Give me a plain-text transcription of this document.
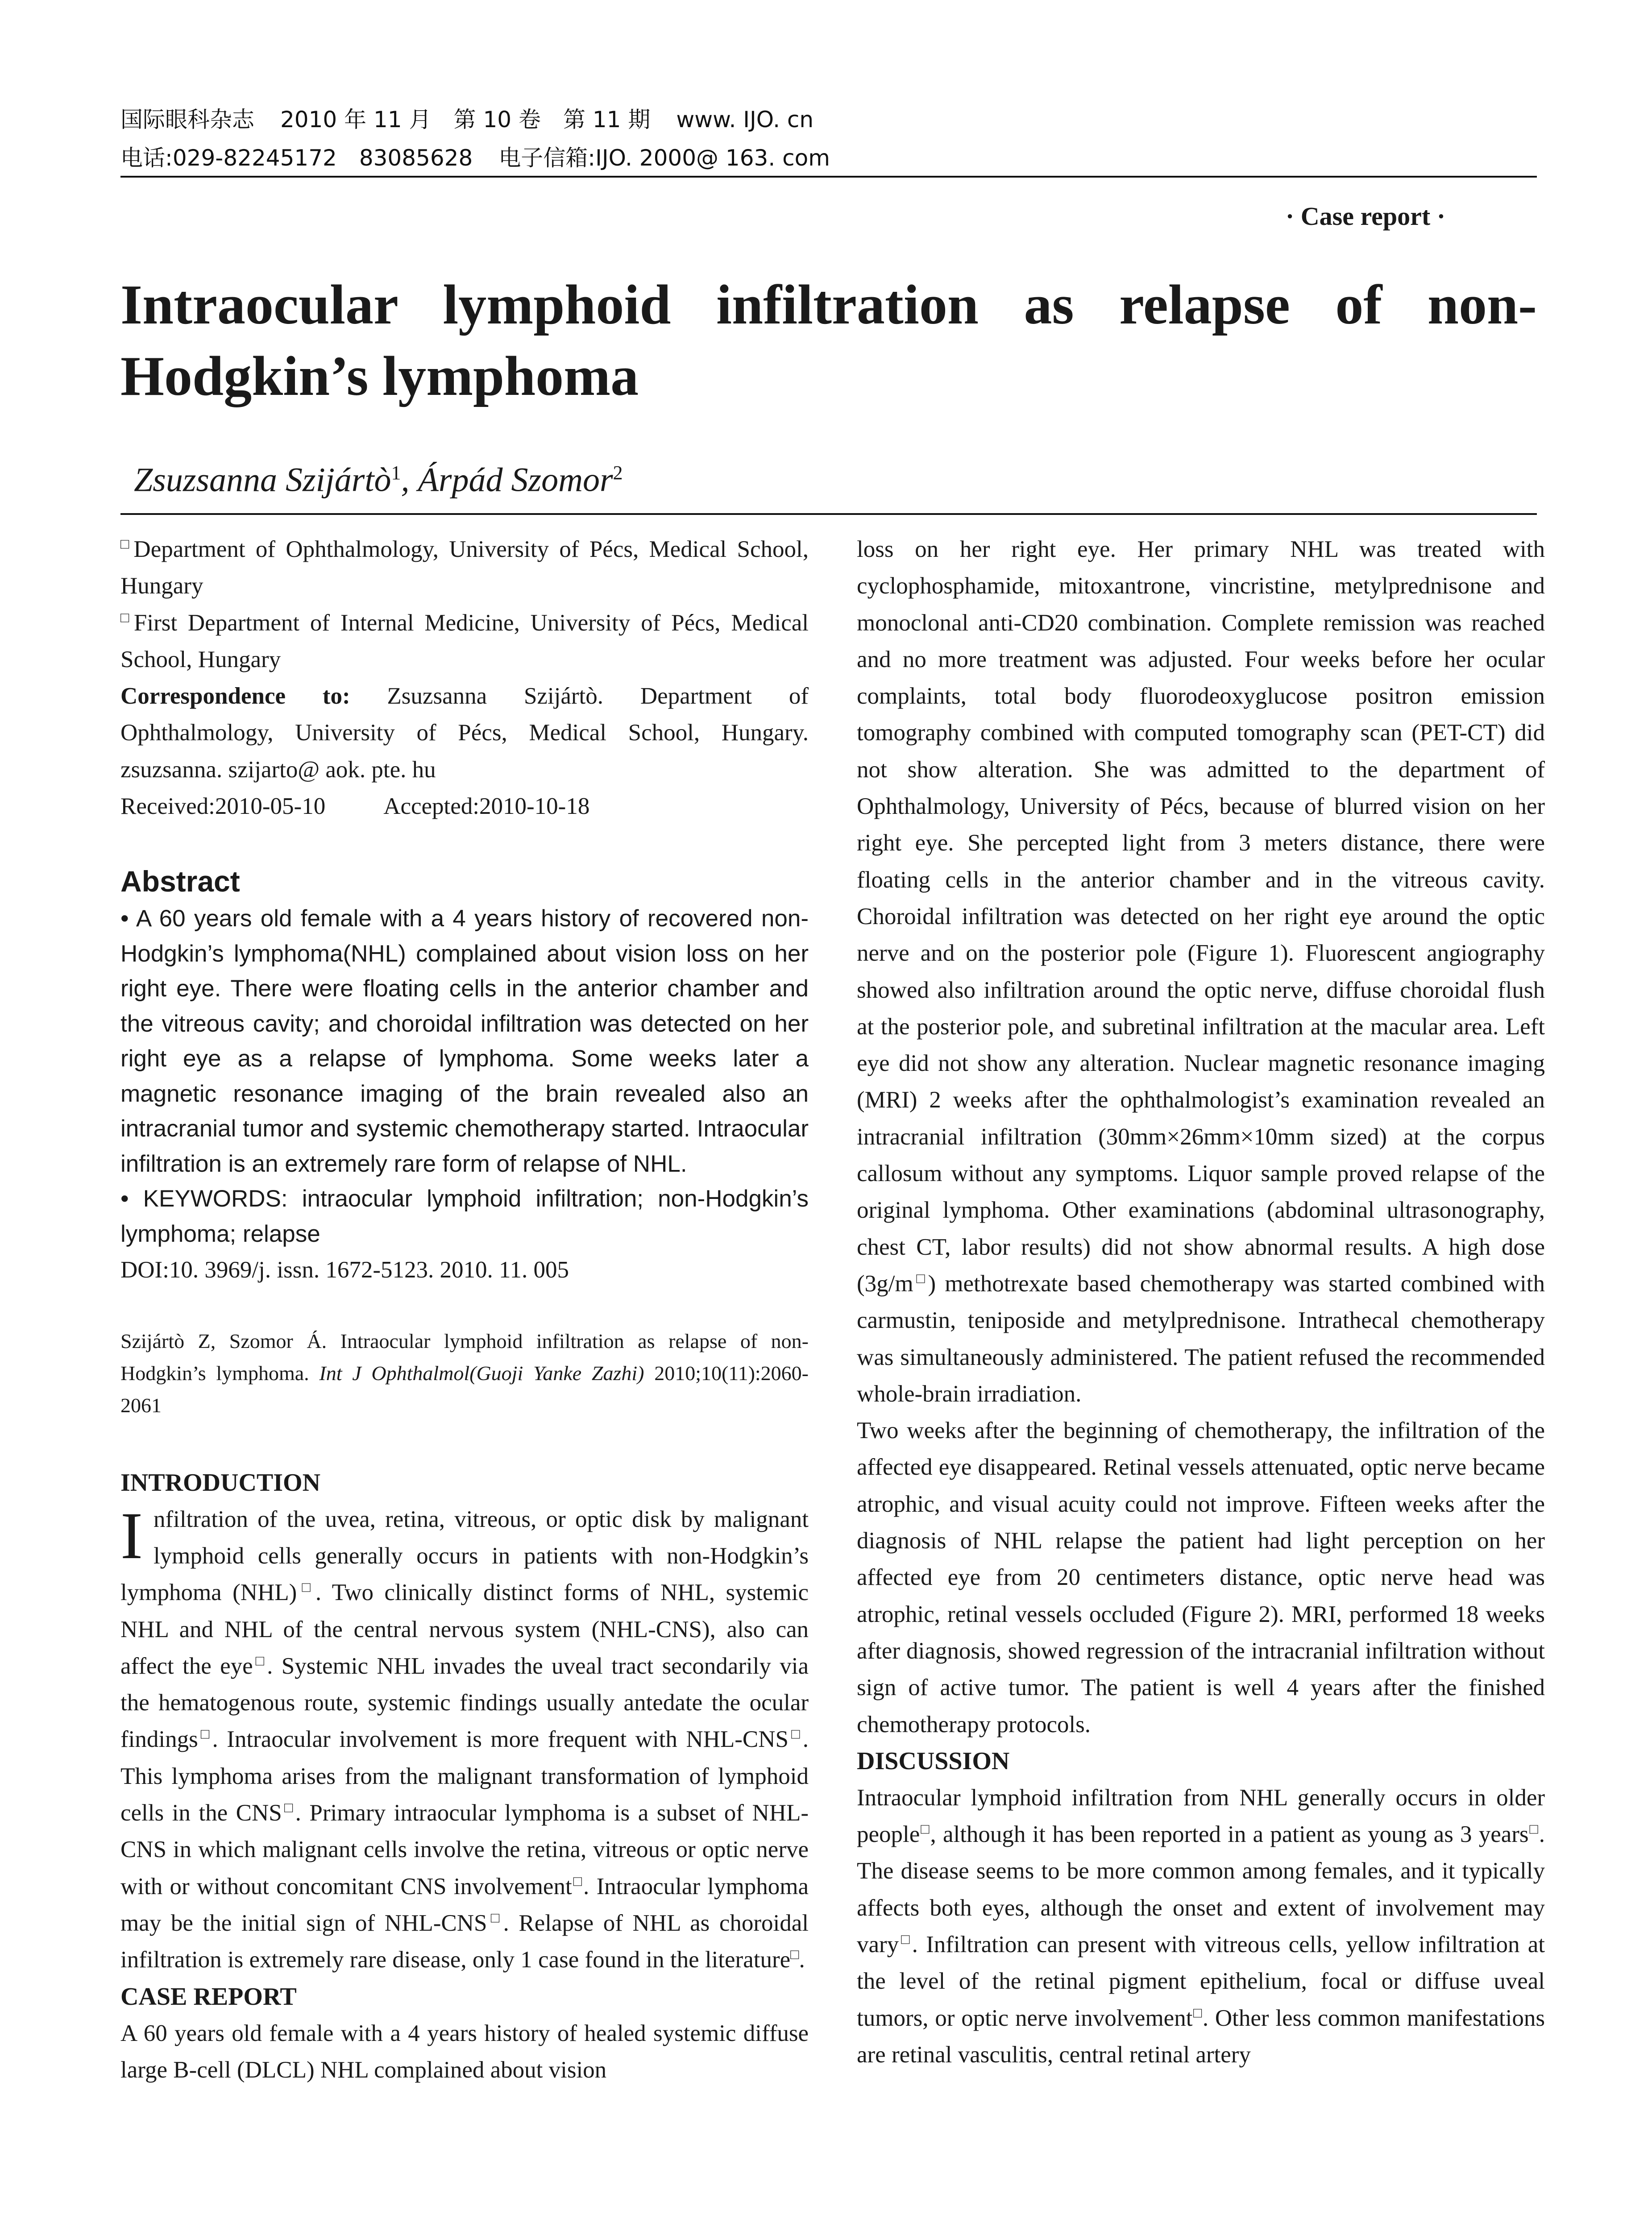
国际眼科杂志 2010 年 11 月　第 10 卷　第 11 期 www. IJO. cn
电话:029-82245172　83085628 电子信箱:IJO. 2000@ 163. com
· Case report ·
Intraocular lymphoid infiltration as relapse of non-Hodgkin’s lymphoma
Zsuzsanna Szijártò$^1$, Árpád Szomor$^2$

□Department of Ophthalmology, University of Pécs, Medical School, Hungary

□First Department of Internal Medicine, University of Pécs, Medical School, Hungary

Correspondence to: Zsuzsanna Szijártò. Department of Ophthalmology, University of Pécs, Medical School, Hungary. zsuzsanna. szijarto@ aok. pte. hu

Received:2010-05-10 Accepted:2010-10-18

Abstract

• A 60 years old female with a 4 years history of recovered non-Hodgkin’s lymphoma(NHL) complained about vision loss on her right eye. There were floating cells in the anterior chamber and the vitreous cavity; and choroidal infiltration was detected on her right eye as a relapse of lymphoma. Some weeks later a magnetic resonance imaging of the brain revealed also an intracranial tumor and systemic chemotherapy started. Intraocular infiltration is an extremely rare form of relapse of NHL.

• KEYWORDS: intraocular lymphoid infiltration; non-Hodgkin’s lymphoma; relapse

DOI:10. 3969/j. issn. 1672-5123. 2010. 11. 005

Szijártò Z, Szomor Á. Intraocular lymphoid infiltration as relapse of non-Hodgkin’s lymphoma. Int J Ophthalmol(Guoji Yanke Zazhi) 2010;10(11):2060-2061

INTRODUCTION

Infiltration of the uvea, retina, vitreous, or optic disk by malignant lymphoid cells generally occurs in patients with non-Hodgkin’s lymphoma (NHL)□. Two clinically distinct forms of NHL, systemic NHL and NHL of the central nervous system (NHL-CNS), also can affect the eye□. Systemic NHL invades the uveal tract secondarily via the hematogenous route, systemic findings usually antedate the ocular findings□. Intraocular involvement is more frequent with NHL-CNS□. This lymphoma arises from the malignant transformation of lymphoid cells in the CNS□. Primary intraocular lymphoma is a subset of NHL-CNS in which malignant cells involve the retina, vitreous or optic nerve with or without concomitant CNS involvement□. Intraocular lymphoma may be the initial sign of NHL-CNS□. Relapse of NHL as choroidal infiltration is extremely rare disease, only 1 case found in the literature□.

CASE REPORT

A 60 years old female with a 4 years history of healed systemic diffuse large B-cell (DLCL) NHL complained about vision

loss on her right eye. Her primary NHL was treated with cyclophosphamide, mitoxantrone, vincristine, metylprednisone and monoclonal anti-CD20 combination. Complete remission was reached and no more treatment was adjusted. Four weeks before her ocular complaints, total body fluorodeoxyglucose positron emission tomography combined with computed tomography scan (PET-CT) did not show alteration. She was admitted to the department of Ophthalmology, University of Pécs, because of blurred vision on her right eye. She percepted light from 3 meters distance, there were floating cells in the anterior chamber and in the vitreous cavity. Choroidal infiltration was detected on her right eye around the optic nerve and on the posterior pole (Figure 1). Fluorescent angiography showed also infiltration around the optic nerve, diffuse choroidal flush at the posterior pole, and subretinal infiltration at the macular area. Left eye did not show any alteration. Nuclear magnetic resonance imaging (MRI) 2 weeks after the ophthalmologist’s examination revealed an intracranial infiltration (30mm×26mm×10mm sized) at the corpus callosum without any symptoms. Liquor sample proved relapse of the original lymphoma. Other examinations (abdominal ultrasonography, chest CT, labor results) did not show abnormal results. A high dose (3g/m□) methotrexate based chemotherapy was started combined with carmustin, teniposide and metylprednisone. Intrathecal chemotherapy was simultaneously administered. The patient refused the recommended whole-brain irradiation.

Two weeks after the beginning of chemotherapy, the infiltration of the affected eye disappeared. Retinal vessels attenuated, optic nerve became atrophic, and visual acuity could not improve. Fifteen weeks after the diagnosis of NHL relapse the patient had light perception on her affected eye from 20 centimeters distance, optic nerve head was atrophic, retinal vessels occluded (Figure 2). MRI, performed 18 weeks after diagnosis, showed regression of the intracranial infiltration without sign of active tumor. The patient is well 4 years after the finished chemotherapy protocols.

DISCUSSION

Intraocular lymphoid infiltration from NHL generally occurs in older people□, although it has been reported in a patient as young as 3 years□. The disease seems to be more common among females, and it typically affects both eyes, although the onset and extent of involvement may vary□. Infiltration can present with vitreous cells, yellow infiltration at the level of the retinal pigment epithelium, focal or diffuse uveal tumors, or optic nerve involvement□. Other less common manifestations are retinal vasculitis, central retinal artery
